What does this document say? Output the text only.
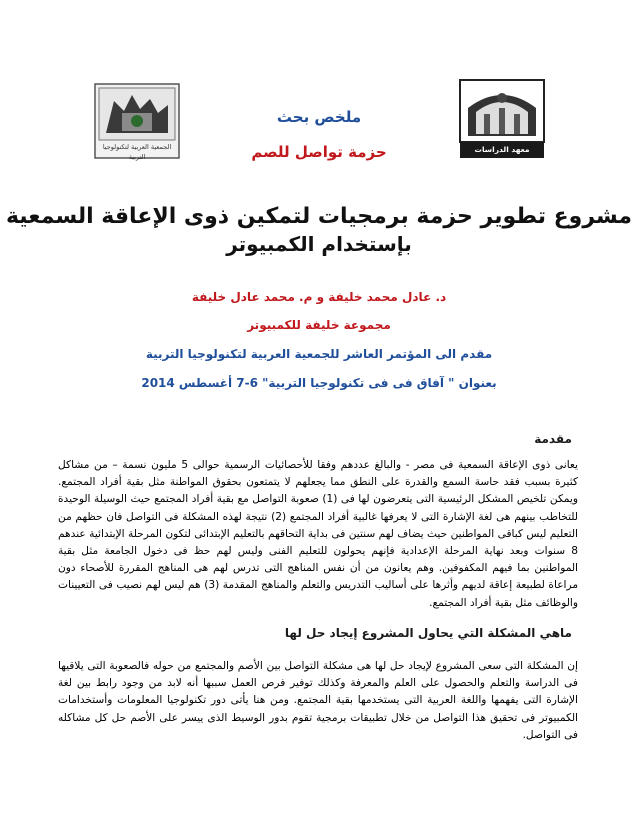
معهد الدراسات التربوية
الجمعية العربية لتكنولوجيا التربية
ملخص بحث
حزمة تواصل للصم
مشروع تطوير حزمة برمجيات لتمكين ذوى الإعاقة السمعية
بإستخدام الكمبيوتر
د. عادل محمد خليفة و م. محمد عادل خليفة
مجموعة خليفة للكمبيوتر
مقدم الى المؤتمر العاشر للجمعية العربية لتكنولوجيا التربية
بعنوان " آفاق فى فى تكنولوجيا التربية" 6-7 أغسطس 2014
مقدمة
يعانى ذوى الإعاقة السمعية فى مصر - والبالغ عددهم وفقا للأحصائيات الرسمية حوالى 5 مليون نسمة – من مشاكل كثيرة بسبب فقد حاسة السمع والقدرة على النطق مما يجعلهم لا يتمتعون بحقوق المواطنة مثل بقية أفراد المجتمع. ويمكن تلخيص المشكل الرئيسية التى يتعرضون لها فى (1) صعوبة التواصل مع بقية أفراد المجتمع حيث الوسيلة الوحيدة للتخاطب بينهم هى لغة الإشارة التى لا يعرفها غالبية أفراد المجتمع (2) نتيجة لهذه المشكلة فى التواصل فان حظهم من التعليم ليس كباقى المواطنين حيث يضاف لهم سنتين فى بداية التحاقهم بالتعليم الإبتدائى لتكون المرحلة الإبتدائية عندهم 8 سنوات وبعد نهاية المرحلة الإعدادية فإنهم يحولون للتعليم الفنى وليس لهم حظ فى دخول الجامعة مثل بقية المواطنين بما فيهم المكفوفين. وهم يعانون من أن نفس المناهج التى تدرس لهم هى المناهج المقررة للأصحاء دون مراعاة لطبيعة إعاقة لديهم وأثرها على أساليب التدريس والتعلم والمناهج المقدمة (3) هم ليس لهم نصيب فى التعيينات والوظائف مثل بقية أفراد المجتمع.
ماهي المشكلة التي يحاول المشروع إيجاد حل لها
إن المشكلة التى سعى المشروع لإيجاد حل لها هى مشكلة التواصل بين الأصم والمجتمع من حوله فالصعوبة التى يلاقيها فى الدراسة والتعلم والحصول على العلم والمعرفة وكذلك توفير فرص العمل سببها أنه لابد من وجود رابط بين لغة الإشارة التى يفهمها واللغة العربية التى يستخدمها بقية المجتمع. ومن هنا يأتى دور تكنولوجيا المعلومات وأستخدامات الكمبيوتر فى تحقيق هذا التواصل من خلال تطبيقات برمجية تقوم بدور الوسيط الذى ييسر على الأصم حل كل مشاكله فى التواصل.
